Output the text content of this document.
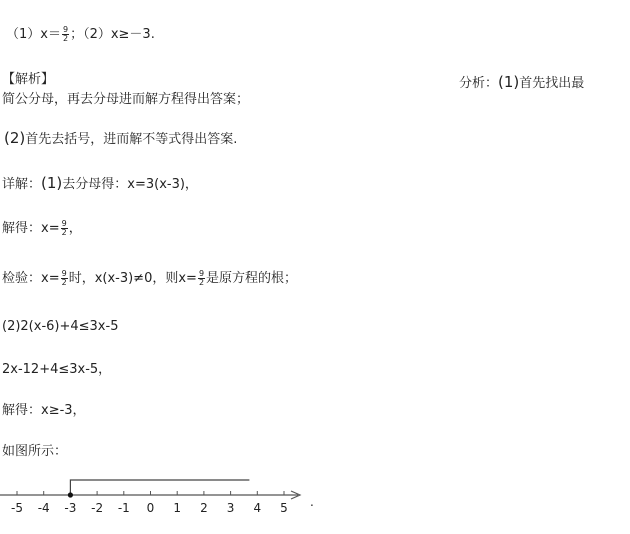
$(1)x= \frac{9}{2}$ ；（2）x≥－3.
【解析】	分析：(1)首先找出最
简公分母，再去分母进而解方程得出答案；
(2)首先去括号，进而解不等式得出答案.
详解：(1)去分母得：x=3(x-3)，
解得：$x= \frac{9}{2}$ ，
检验：$x= \frac{9}{2}$ 时，x(x-3)≠0，则$x= \frac{9}{2}$ 是原方程的根；
(2)2(x-6)+4≤3x-5
2x-12+4≤3x-5，
解得：x≥-3，
如图所示：
-5 -4 -3 -2 -1 0 1 2 3 4 5 .
